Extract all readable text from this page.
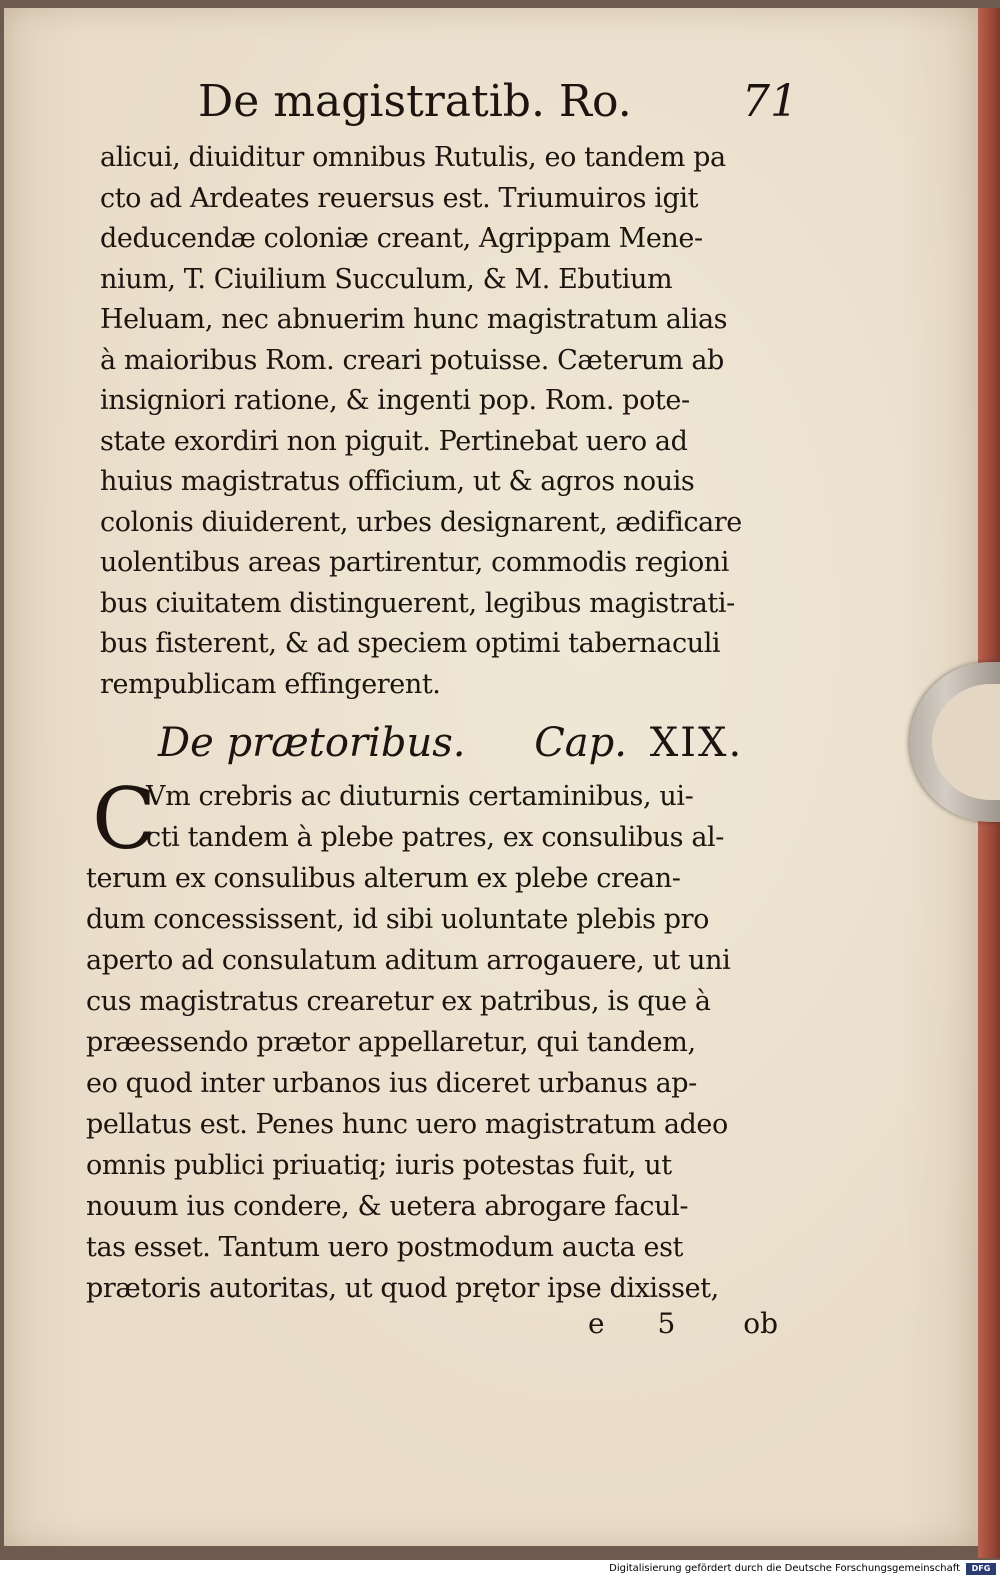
De magistratib. Ro.	71
alicui, diuiditur omnibus Rutulis, eo tandem pa
cto ad Ardeates reuersus est. Triumuiros igit
deducendæ coloniæ creant, Agrippam Mene-
nium, T. Ciuilium Succulum, & M. Ebutium
Heluam, nec abnuerim hunc magistratum alias
à maioribus Rom. creari potuisse. Cæterum ab
insigniori ratione, & ingenti pop. Rom. pote-
state exordiri non piguit. Pertinebat uero ad
huius magistratus officium, ut & agros nouis
colonis diuiderent, urbes designarent, ædificare
uolentibus areas partirentur, commodis regioni
bus ciuitatem distinguerent, legibus magistrati-
bus fisterent, & ad speciem optimi tabernaculi
rempublicam effingerent.
De prætoribus. Cap. XIX.
C
Vm crebris ac diuturnis certaminibus, ui-
cti tandem à plebe patres, ex consulibus al-
terum ex consulibus alterum ex plebe crean-
dum concessissent, id sibi uoluntate plebis pro
aperto ad consulatum aditum arrogauere, ut uni
cus magistratus crearetur ex patribus, is que à
præessendo prætor appellaretur, qui tandem,
eo quod inter urbanos ius diceret urbanus ap-
pellatus est. Penes hunc uero magistratum adeo
omnis publici priuatiq; iuris potestas fuit, ut
nouum ius condere, & uetera abrogare facul-
tas esset. Tantum uero postmodum aucta est
prætoris autoritas, ut quod prętor ipse dixisset,
e 5 ob
Digitalisierung gefördert durch die Deutsche Forschungsgemeinschaft	DFG
